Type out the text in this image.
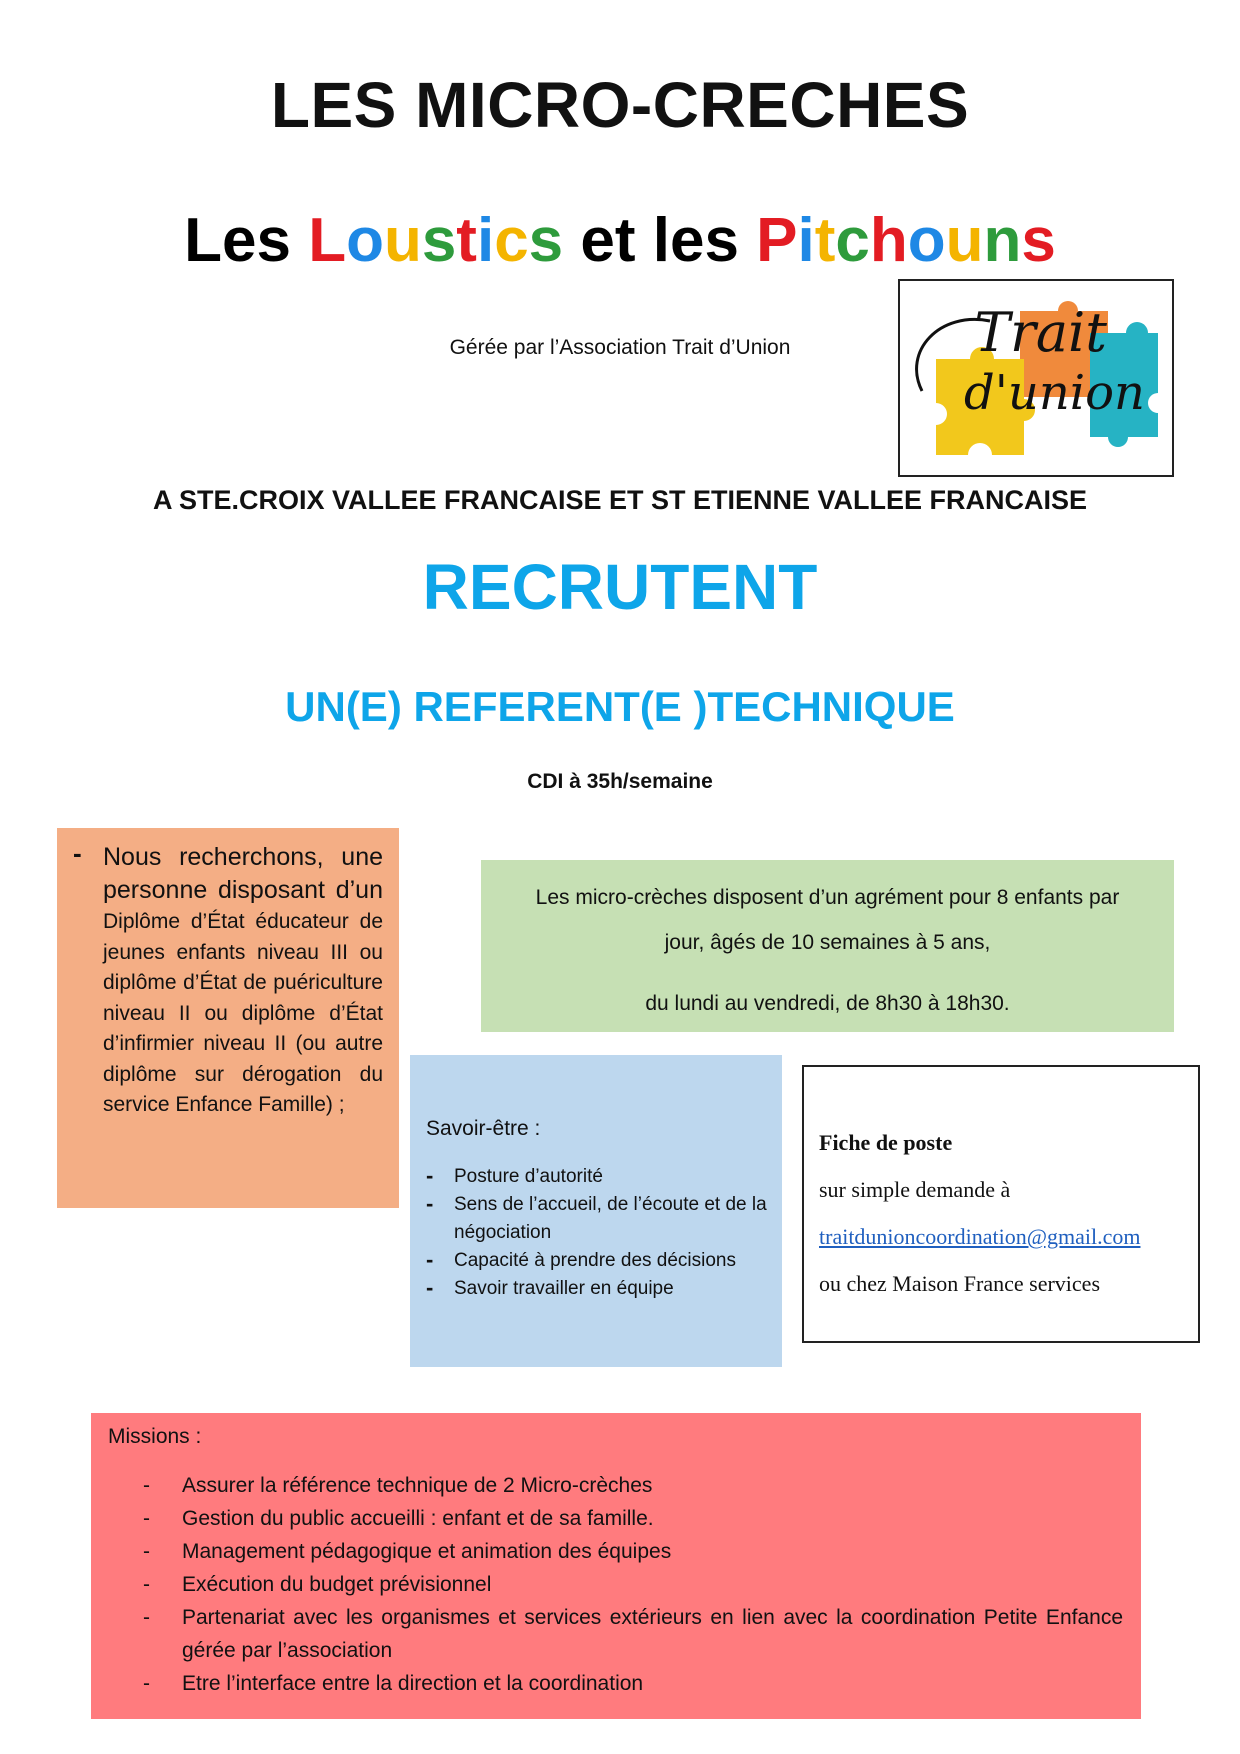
LES MICRO-CRECHES
Les Loustics et les Pitchouns
Gérée par l’Association Trait d’Union	Trait
d'union
A STE.CROIX VALLEE FRANCAISE ET ST ETIENNE VALLEE FRANCAISE
RECRUTENT
UN(E) REFERENT(E )TECHNIQUE
CDI à 35h/semaine
- Nous recherchons, une personne disposant d’un Diplôme d’État éducateur de jeunes enfants niveau III ou diplôme d’État de puériculture niveau II ou diplôme d’État d’infirmier niveau II (ou autre diplôme sur dérogation du service Enfance Famille) ;
Les micro-crèches disposent d’un agrément pour 8 enfants par
jour, âgés de 10 semaines à 5 ans,
du lundi au vendredi, de 8h30 à 18h30.
Savoir-être :
- Posture d’autorité
- Sens de l’accueil, de l’écoute et de la négociation
- Capacité à prendre des décisions
- Savoir travailler en équipe
Fiche de poste
sur simple demande à
traitdunioncoordination@gmail.com
ou chez Maison France services
Missions :
- Assurer la référence technique de 2 Micro-crèches
- Gestion du public accueilli : enfant et de sa famille.
- Management pédagogique et animation des équipes
- Exécution du budget prévisionnel
- Partenariat avec les organismes et services extérieurs en lien avec la coordination Petite Enfance gérée par l’association
- Etre l’interface entre la direction et la coordination
